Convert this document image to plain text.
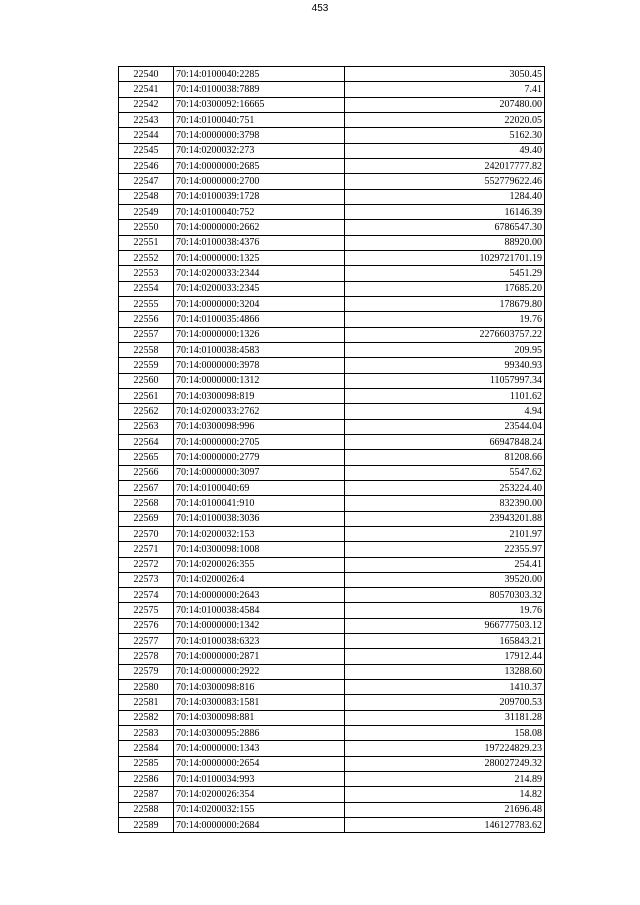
453
22540	70:14:0100040:2285	3050.45
22541	70:14:0100038:7889	7.41
22542	70:14:0300092:16665	207480.00
22543	70:14:0100040:751	22020.05
22544	70:14:0000000:3798	5162.30
22545	70:14:0200032:273	49.40
22546	70:14:0000000:2685	242017777.82
22547	70:14:0000000:2700	552779622.46
22548	70:14:0100039:1728	1284.40
22549	70:14:0100040:752	16146.39
22550	70:14:0000000:2662	6786547.30
22551	70:14:0100038:4376	88920.00
22552	70:14:0000000:1325	1029721701.19
22553	70:14:0200033:2344	5451.29
22554	70:14:0200033:2345	17685.20
22555	70:14:0000000:3204	178679.80
22556	70:14:0100035:4866	19.76
22557	70:14:0000000:1326	2276603757.22
22558	70:14:0100038:4583	209.95
22559	70:14:0000000:3978	99340.93
22560	70:14:0000000:1312	11057997.34
22561	70:14:0300098:819	1101.62
22562	70:14:0200033:2762	4.94
22563	70:14:0300098:996	23544.04
22564	70:14:0000000:2705	66947848.24
22565	70:14:0000000:2779	81208.66
22566	70:14:0000000:3097	5547.62
22567	70:14:0100040:69	253224.40
22568	70:14:0100041:910	832390.00
22569	70:14:0100038:3036	23943201.88
22570	70:14:0200032:153	2101.97
22571	70:14:0300098:1008	22355.97
22572	70:14:0200026:355	254.41
22573	70:14:0200026:4	39520.00
22574	70:14:0000000:2643	80570303.32
22575	70:14:0100038:4584	19.76
22576	70:14:0000000:1342	966777503.12
22577	70:14:0100038:6323	165843.21
22578	70:14:0000000:2871	17912.44
22579	70:14:0000000:2922	13288.60
22580	70:14:0300098:816	1410.37
22581	70:14:0300083:1581	209700.53
22582	70:14:0300098:881	31181.28
22583	70:14:0300095:2886	158.08
22584	70:14:0000000:1343	197224829.23
22585	70:14:0000000:2654	280027249.32
22586	70:14:0100034:993	214.89
22587	70:14:0200026:354	14.82
22588	70:14:0200032:155	21696.48
22589	70:14:0000000:2684	146127783.62
